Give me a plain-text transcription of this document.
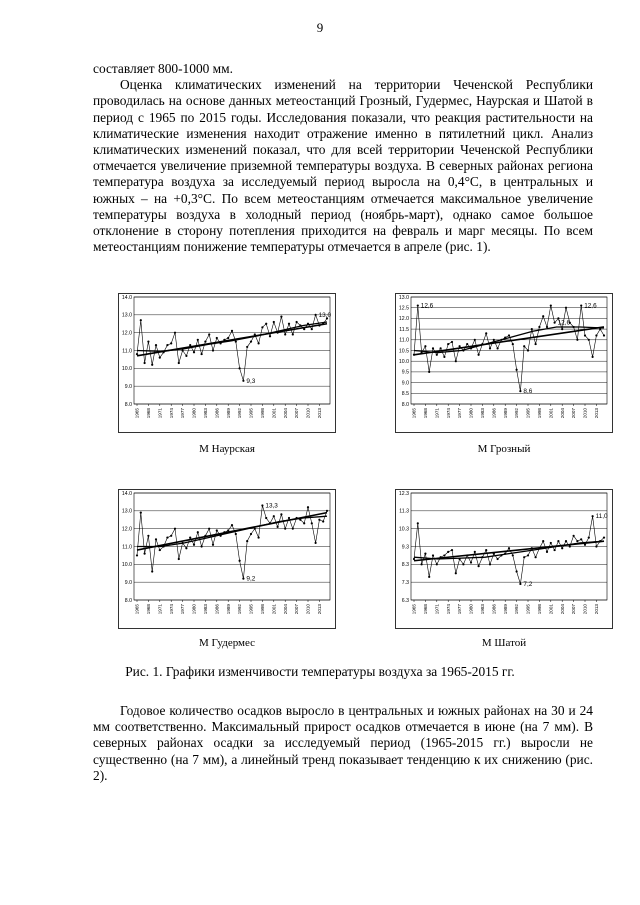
9

составляет 800-1000 мм.

Оценка климатических изменений на территории Чеченской Республики проводилась на основе данных метеостанций Грозный, Гудермес, Наурская и Шатой в период с 1965 по 2015 годы. Исследования показали, что реакция растительности на климатические изменения находит отражение именно в пятилетний цикл. Анализ климатических изменений показал, что для всей территории Чеченской Республики отмечается увеличение приземной температуры воздуха. В северных районах региона температура воздуха за исследуемый период выросла на 0,4°С, в центральных и южных – на +0,3°С. По всем метеостанциям отмечается максимальное увеличение температуры воздуха в холодный период (ноябрь-март), однако самое большое отклонение в сторону потепления приходится на февраль и марг месяцы. По всем метеостанциям понижение температуры отмечается в апреле (рис. 1).

14.0
13.0
12.0
11.0
10.0
9.0
8.0
1965 1968 1971 1974 1977 1980 1983 1986 1989 1992 1995 1998 2001 2004 2007 2010 2013
9,3
13,0
М Наурская
13.0
12.5
12.0
11.5
11.0
10.5
10.0
9.5
9.0
8.5
8.0
1965 1968 1971 1974 1977 1980 1983 1986 1989 1992 1995 1998 2001 2004 2007 2010 2013
12,6
8,6
12,6
12,6
М Грозный
14.0
13.0
12.0
11.0
10.0
9.0
8.0
1965 1968 1971 1974 1977 1980 1983 1986 1989 1992 1995 1998 2001 2004 2007 2010 2013
9,2
13,3
М Гудермес
12.3
11.3
10.3
9.3
8.3
7.3
6.3
1965 1968 1971 1974 1977 1980 1983 1986 1989 1992 1995 1998 2001 2004 2007 2010 2013
7,2
11,0
М Шатой
Рис. 1. Графики изменчивости температуры воздуха за 1965-2015 гг.

Годовое количество осадков выросло в центральных и южных районах на 30 и 24 мм соответственно. Максимальный прирост осадков отмечается в июне (на 7 мм). В северных районах осадки за исследуемый период (1965-2015 гг.) выросли не существенно (на 7 мм), а линейный тренд показывает тенденцию к их снижению (рис. 2).
